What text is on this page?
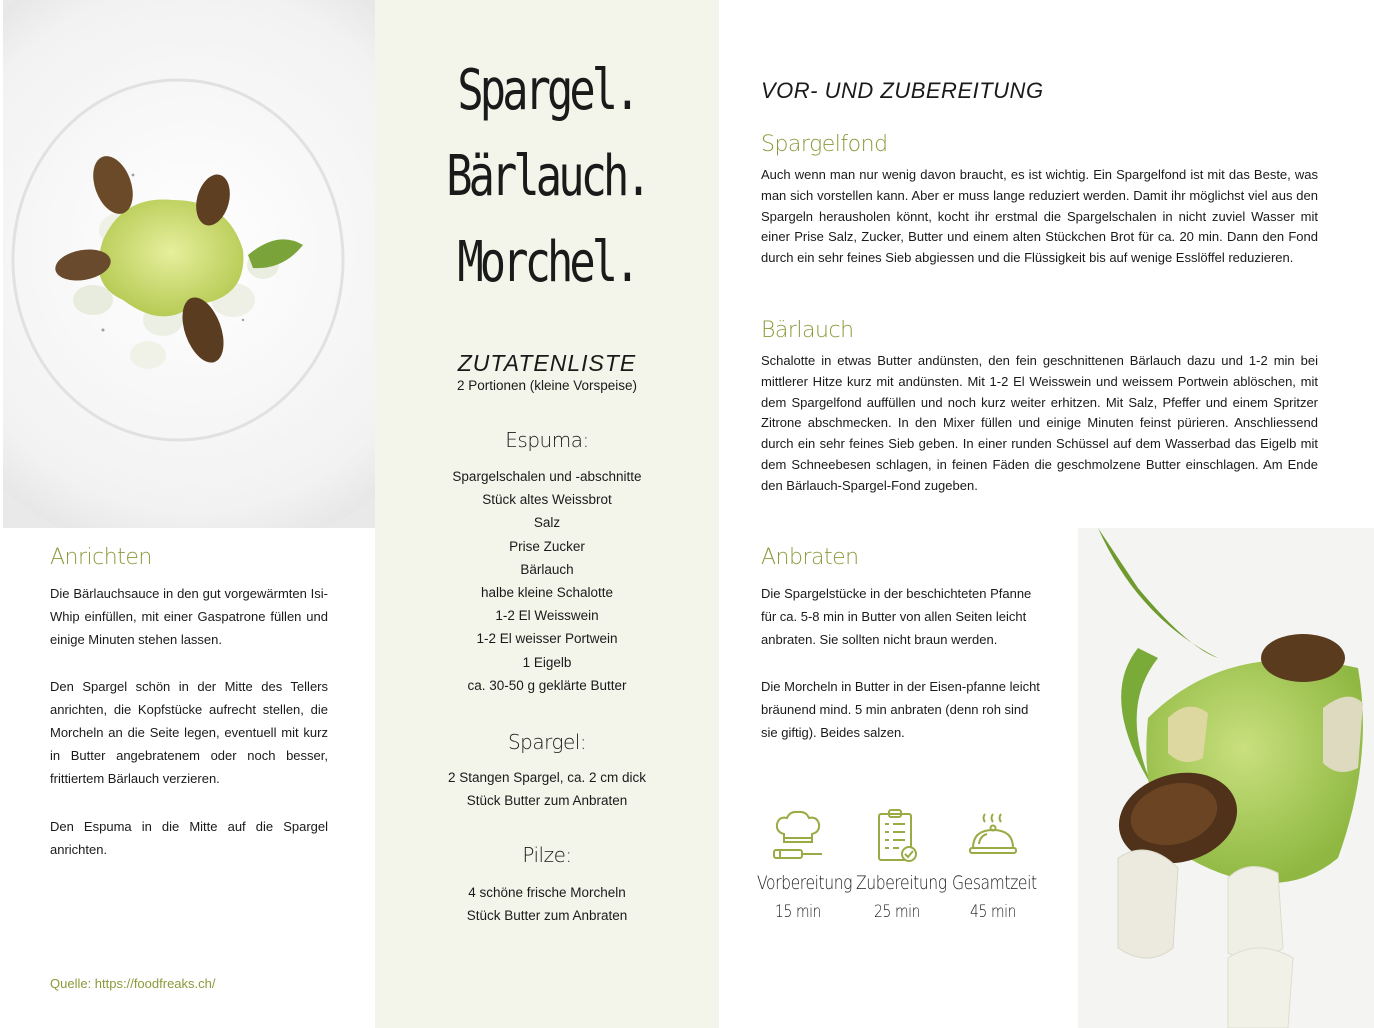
Anrichten
Die Bärlauchsauce in den gut vorgewärmten Isi-Whip einfüllen, mit einer Gaspatrone füllen und einige Minuten stehen lassen.
Den Spargel schön in der Mitte des Tellers anrichten, die Kopfstücke aufrecht stellen, die Morcheln an die Seite legen, eventuell mit kurz in Butter angebratenem oder noch besser, frittiertem Bärlauch verzieren.
Den Espuma in die Mitte auf die Spargel anrichten.
Quelle: https://foodfreaks.ch/
Spargel.
Bärlauch.
Morchel.
ZUTATENLISTE
2 Portionen (kleine Vorspeise)
Espuma:
Spargelschalen und -abschnitte
Stück altes Weissbrot
Salz
Prise Zucker
Bärlauch
halbe kleine Schalotte
1-2 El Weisswein
1-2 El weisser Portwein
1 Eigelb
ca. 30-50 g geklärte Butter
Spargel:
2 Stangen Spargel, ca. 2 cm dick
Stück Butter zum Anbraten
Pilze:
4 schöne frische Morcheln
Stück Butter zum Anbraten
VOR- UND ZUBEREITUNG
Spargelfond
Auch wenn man nur wenig davon braucht, es ist wichtig. Ein Spargelfond ist mit das Beste, was man sich vorstellen kann. Aber er muss lange reduziert werden. Damit ihr möglichst viel aus den Spargeln herausholen könnt, kocht ihr erstmal die Spargelschalen in nicht zuviel Wasser mit einer Prise Salz, Zucker, Butter und einem alten Stückchen Brot für ca. 20 min. Dann den Fond durch ein sehr feines Sieb abgiessen und die Flüssigkeit bis auf wenige Esslöffel reduzieren.
Bärlauch
Schalotte in etwas Butter andünsten, den fein geschnittenen Bärlauch dazu und 1-2 min bei mittlerer Hitze kurz mit andünsten. Mit 1-2 El Weisswein und weissem Portwein ablöschen, mit dem Spargelfond auffüllen und noch kurz weiter erhitzen. Mit Salz, Pfeffer und einem Spritzer Zitrone abschmecken. In den Mixer füllen und einige Minuten feinst pürieren. Anschliessend durch ein sehr feines Sieb geben. In einer runden Schüssel auf dem Wasserbad das Eigelb mit dem Schneebesen schlagen, in feinen Fäden die geschmolzene Butter einschlagen. Am Ende den Bärlauch-Spargel-Fond zugeben.
Anbraten
Die Spargelstücke in der beschichteten Pfanne für ca. 5-8 min in Butter von allen Seiten leicht anbraten. Sie sollten nicht braun werden.
Die Morcheln in Butter in der Eisen-pfanne leicht bräunend mind. 5 min anbraten (denn roh sind sie giftig). Beides salzen.
Vorbereitung
15 min
Zubereitung
25 min
Gesamtzeit
45 min
